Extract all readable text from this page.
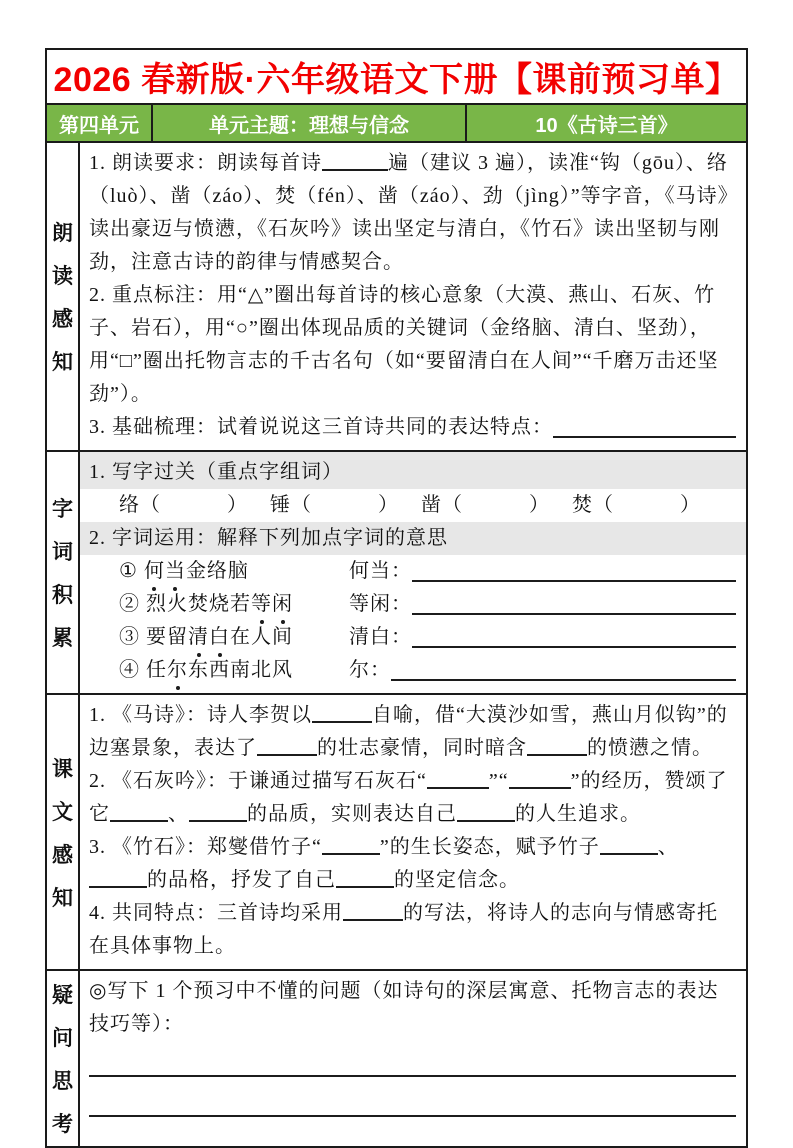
2026 春新版·六年级语文下册【课前预习单】
第四单元	单元主题：理想与信念	10《古诗三首》
朗
读
感
知
1. 朗读要求：朗读每首诗	遍（建议 3 遍），读准“钩（gōu）、络（luò）、凿（záo）、焚（fén）、凿（záo）、劲（jìng）”等字音，《马诗》读出豪迈与愤懑，《石灰吟》读出坚定与清白，《竹石》读出坚韧与刚劲，注意古诗的韵律与情感契合。
2. 重点标注：用“△”圈出每首诗的核心意象（大漠、燕山、石灰、竹子、岩石），用“○”圈出体现品质的关键词（金络脑、清白、坚劲），用“□”圈出托物言志的千古名句（如“要留清白在人间”“千磨万击还坚劲”）。
3. 基础梳理：试着说说这三首诗共同的表达特点：
字
词
积
累
1. 写字过关（重点字组词）
络（	） 锤（	） 凿（	） 焚（	）
2. 字词运用：解释下列加点字词的意思
① 何当金络脑	何当：
② 烈火焚烧若等闲	等闲：
③ 要留清白在人间	清白：
④ 任尔东西南北风	尔：
课
文
感
知
1. 《马诗》：诗人李贺以	自喻，借“大漠沙如雪，燕山月似钩”的边塞景象，表达了	的壮志豪情，同时暗含	的愤懑之情。
2. 《石灰吟》：于谦通过描写石灰石“	”“	”的经历，赞颂了它	、	的品质，实则表达自己	的人生追求。
3. 《竹石》：郑燮借竹子“	”的生长姿态，赋予竹子	、的品格，抒发了自己	的坚定信念。
4. 共同特点：三首诗均采用	的写法，将诗人的志向与情感寄托在具体事物上。
疑
问
思
考
◎写下 1 个预习中不懂的问题（如诗句的深层寓意、托物言志的表达技巧等）：
